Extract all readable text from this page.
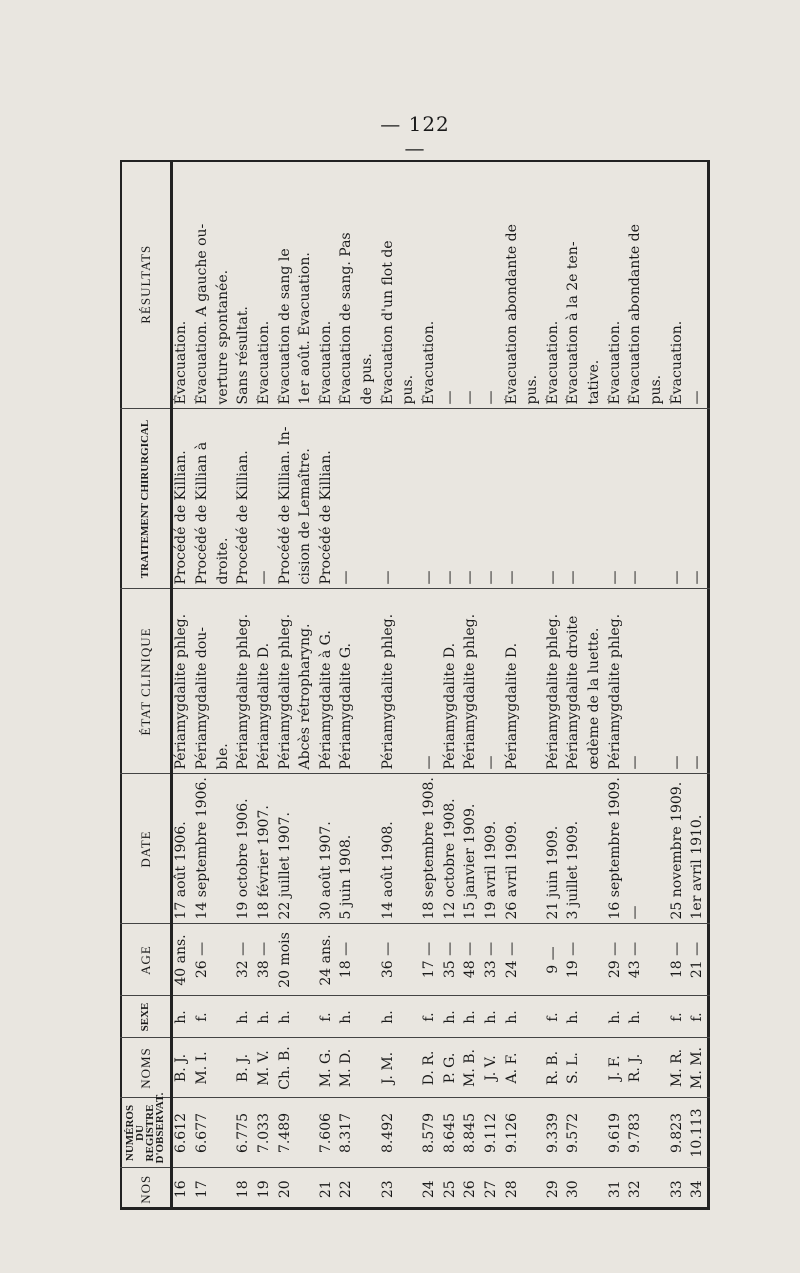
— 122 —
NOS	NUMÉROS DU REGISTRE D'OBSERVAT.	NOMS	SEXE	AGE	DATE	ÉTAT CLINIQUE	TRAITEMENT CHIRURGICAL	RÉSULTATS
16	6.612	B. J.	h.	40 ans.	17 août 1906.	Périamygdalite phleg.	Procédé de Killian.	Évacuation.
17	6.677	M. I.	f.	26 —	14 septembre 1906.	Périamygdalite dou-	Procédé de Killian à	Évacuation. A gauche ou-
						ble.	droite.	verture spontanée.
18	6.775	B. J.	h.	32 —	19 octobre 1906.	Périamygdalite phleg.	Procédé de Killian.	Sans résultat.
19	7.033	M. V.	h.	38 —	18 février 1907.	Périamygdalite D.	—	Évacuation.
20	7.489	Ch. B.	h.	20 mois	22 juillet 1907.	Périamygdalite phleg.	Procédé de Killian. In-	Évacuation de sang le
						Abcès rétropharyng.	cision de Lemaître.	1er août. Évacuation.
21	7.606	M. G.	f.	24 ans.	30 août 1907.	Périamygdalite à G.	Procédé de Killian.	Évacuation.
22	8.317	M. D.	h.	18 —	5 juin 1908.	Périamygdalite G.	—	Évacuation de sang. Pas
								de pus.
23	8.492	J. M.	h.	36 —	14 août 1908.	Périamygdalite phleg.	—	Évacuation d'un flot de
								pus.
24	8.579	D. R.	f.	17 —	18 septembre 1908.	—	—	Évacuation.
25	8.645	P. G.	h.	35 —	12 octobre 1908.	Périamygdalite D.	—	—
26	8.845	M. B.	h.	48 —	15 janvier 1909.	Périamygdalite phleg.	—	—
27	9.112	J. V.	h.	33 —	19 avril 1909.	—	—	—
28	9.126	A. F.	h.	24 —	26 avril 1909.	Périamygdalite D.	—	Évacuation abondante de
								pus.
29	9.339	R. B.	f.	9 —	21 juin 1909.	Périamygdalite phleg.	—	Évacuation.
30	9.572	S. L.	h.	19 —	3 juillet 1909.	Périamygdalite droite	—	Évacuation à la 2e ten-
						œdème de la luette.		tative.
31	9.619	J. F.	h.	29 —	16 septembre 1909.	Périamygdalite phleg.	—	Évacuation.
32	9.783	R. J.	h.	43 —	—	—	—	Évacuation abondante de
								pus.
33	9.823	M. R.	f.	18 —	25 novembre 1909.	—	—	Évacuation.
34	10.113	M. M.	f.	21 —	1er avril 1910.	—	—	—
